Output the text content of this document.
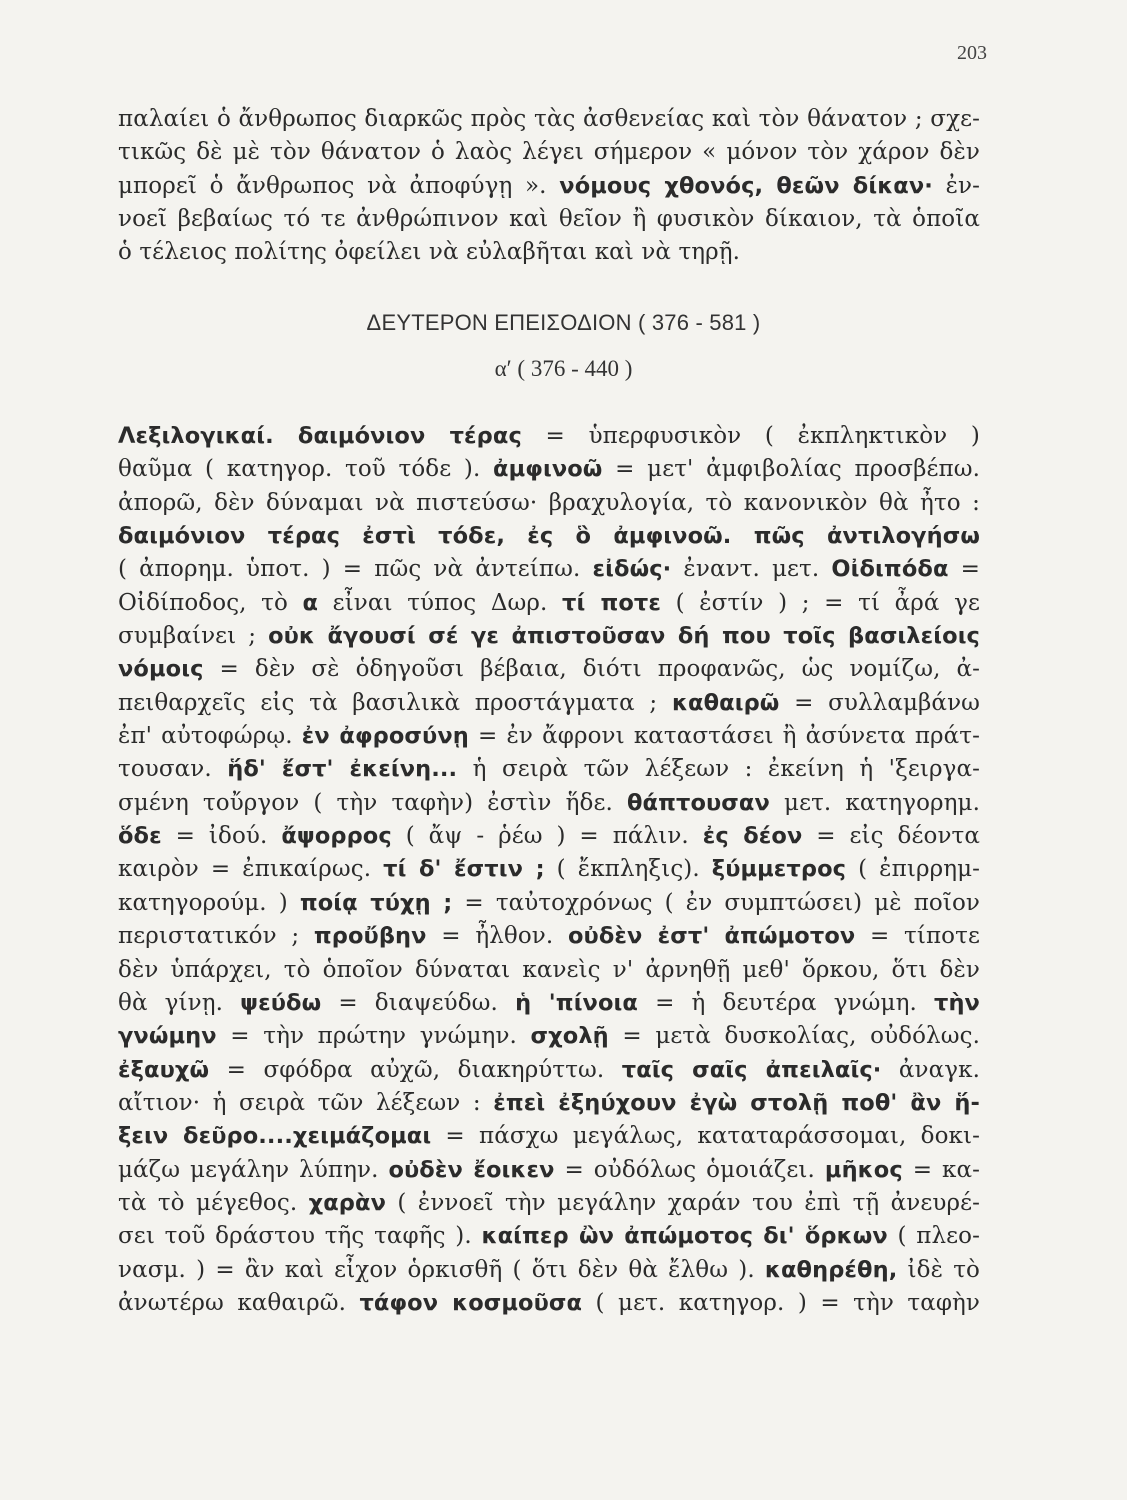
203
παλαίει ὁ ἄνθρωπος διαρκῶς πρὸς τὰς ἀσθενείας καὶ τὸν θάνατον ; σχε-
τικῶς δὲ μὲ τὸν θάνατον ὁ λαὸς λέγει σήμερον « μόνον τὸν χάρον δὲν
μπορεῖ ὁ ἄνθρωπος νὰ ἀποφύγῃ ». νόμους χθονός, θεῶν δίκαν· ἐν-
νοεῖ βεβαίως τό τε ἀνθρώπινον καὶ θεῖον ἢ φυσικὸν δίκαιον, τὰ ὁποῖα
ὁ τέλειος πολίτης ὀφείλει νὰ εὐλαβῆται καὶ νὰ τηρῇ.
ΔΕΥΤΕΡΟΝ ΕΠΕΙΣΟΔΙΟΝ ( 376 - 581 )
α′ ( 376 - 440 )
Λεξιλογικαί. δαιμόνιον τέρας = ὑπερφυσικὸν ( ἐκπληκτικὸν )
θαῦμα ( κατηγορ. τοῦ τόδε ). ἀμφινοῶ = μετ' ἀμφιβολίας προσβέπω.
ἀπορῶ, δὲν δύναμαι νὰ πιστεύσω· βραχυλογία, τὸ κανονικὸν θὰ ἦτο :
δαιμόνιον τέρας ἐστὶ τόδε, ἐς ὃ ἀμφινοῶ. πῶς ἀντιλογήσω
( ἀπορημ. ὑποτ. ) = πῶς νὰ ἀντείπω. εἰδώς· ἐναντ. μετ. Οἰδιπόδα =
Οἰδίποδος, τὸ α εἶναι τύπος Δωρ. τί ποτε ( ἐστίν ) ; = τί ἆρά γε
συμβαίνει ; οὐκ ἄγουσί σέ γε ἀπιστοῦσαν δή που τοῖς βασιλείοις
νόμοις = δὲν σὲ ὁδηγοῦσι βέβαια, διότι προφανῶς, ὡς νομίζω, ἀ-
πειθαρχεῖς εἰς τὰ βασιλικὰ προστάγματα ; καθαιρῶ = συλλαμβάνω
ἐπ' αὐτοφώρῳ. ἐν ἀφροσύνῃ = ἐν ἄφρονι καταστάσει ἢ ἀσύνετα πράτ-
τουσαν. ἥδ' ἔστ' ἐκείνη... ἡ σειρὰ τῶν λέξεων : ἐκείνη ἡ 'ξειργα-
σμένη τοὔργον ( τὴν ταφὴν) ἐστὶν ἥδε. θάπτουσαν μετ. κατηγορημ.
ὅδε = ἰδού. ἄψορρος ( ἄψ - ῥέω ) = πάλιν. ἐς δέον = εἰς δέοντα
καιρὸν = ἐπικαίρως. τί δ' ἔστιν ; ( ἔκπληξις). ξύμμετρος ( ἐπιρρημ-
κατηγορούμ. ) ποίᾳ τύχῃ ; = ταὐτοχρόνως ( ἐν συμπτώσει) μὲ ποῖον
περιστατικόν ; προὔβην = ἦλθον. οὐδὲν ἐστ' ἀπώμοτον = τίποτε
δὲν ὑπάρχει, τὸ ὁποῖον δύναται κανεὶς ν' ἀρνηθῇ μεθ' ὅρκου, ὅτι δὲν
θὰ γίνῃ. ψεύδω = διαψεύδω. ἡ 'πίνοια = ἡ δευτέρα γνώμη. τὴν
γνώμην = τὴν πρώτην γνώμην. σχολῇ = μετὰ δυσκολίας, οὐδόλως.
ἐξαυχῶ = σφόδρα αὐχῶ, διακηρύττω. ταῖς σαῖς ἀπειλαῖς· ἀναγκ.
αἴτιον· ἡ σειρὰ τῶν λέξεων : ἐπεὶ ἐξηύχουν ἐγὼ στολῇ ποθ' ἂν ἥ-
ξειν δεῦρο....χειμάζομαι = πάσχω μεγάλως, καταταράσσομαι, δοκι-
μάζω μεγάλην λύπην. οὐδὲν ἔοικεν = οὐδόλως ὁμοιάζει. μῆκος = κα-
τὰ τὸ μέγεθος. χαρὰν ( ἐννοεῖ τὴν μεγάλην χαράν του ἐπὶ τῇ ἀνευρέ-
σει τοῦ δράστου τῆς ταφῆς ). καίπερ ὢν ἀπώμοτος δι' ὅρκων ( πλεο-
νασμ. ) = ἂν καὶ εἶχον ὁρκισθῆ ( ὅτι δὲν θὰ ἔλθω ). καθηρέθη, ἰδὲ τὸ
ἀνωτέρω καθαιρῶ. τάφον κοσμοῦσα ( μετ. κατηγορ. ) = τὴν ταφὴν
